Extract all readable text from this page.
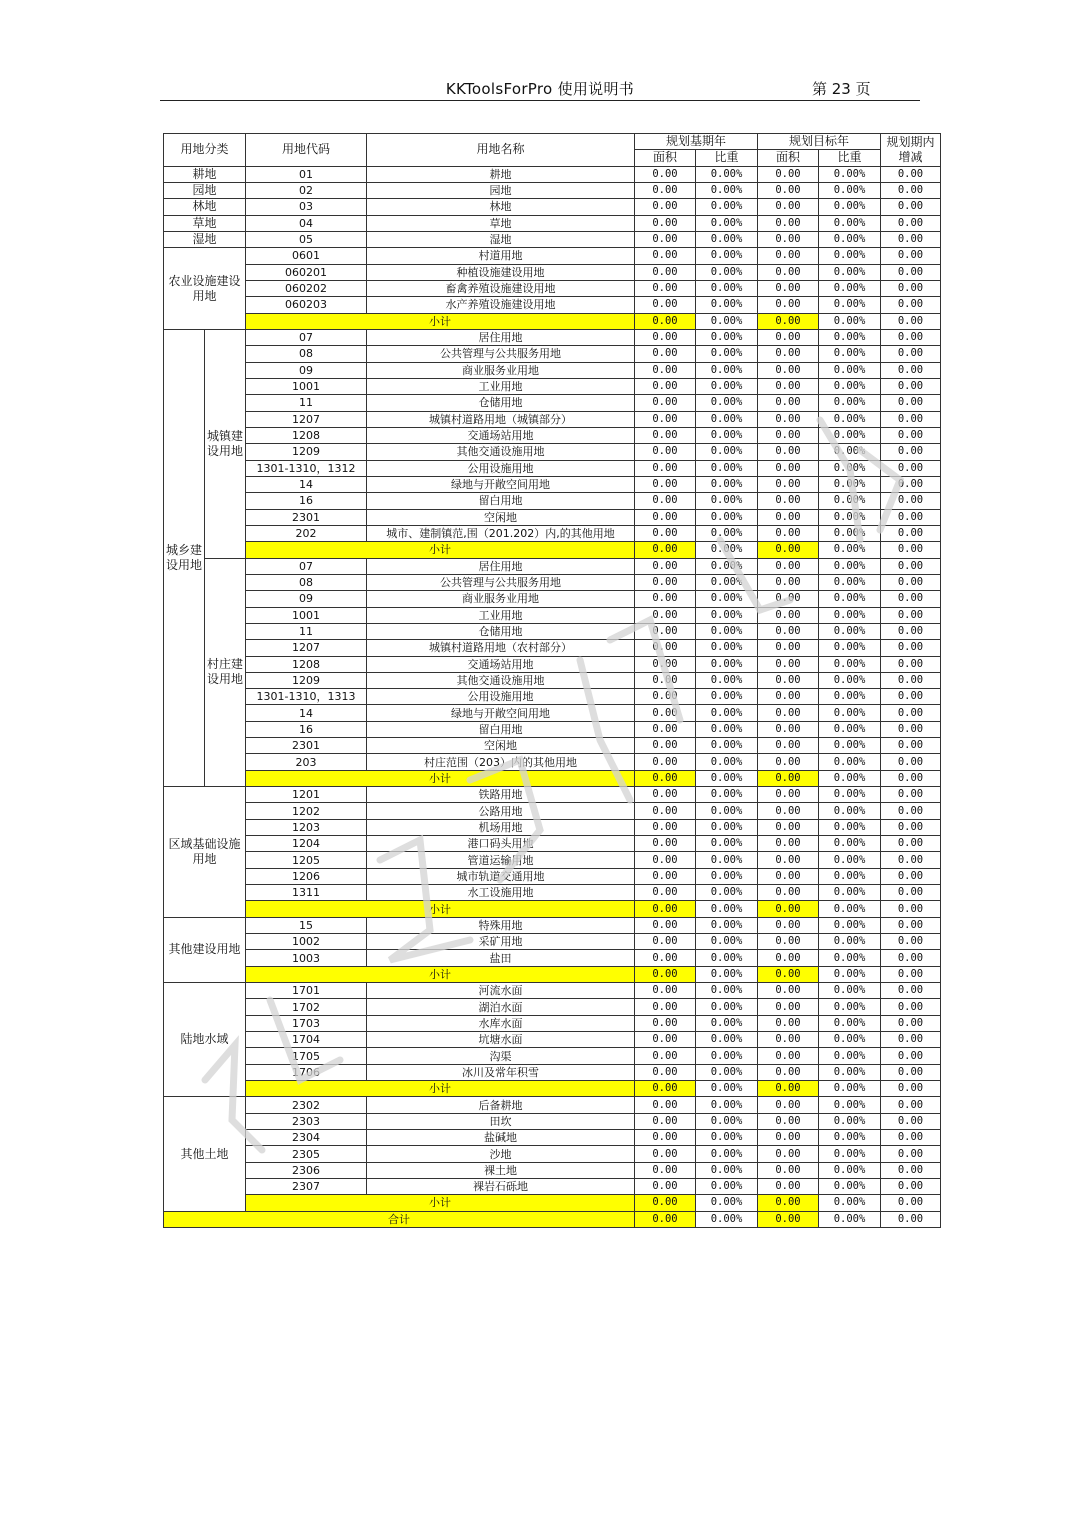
KKToolsForPro 使用说明书	第 23 页
用地分类		用地代码	用地名称	规划基期年		规划目标年		规划期内增减
				面积	比重	面积	比重	
耕地		01	耕地	0.00	0.00%	0.00	0.00%	0.00
园地		02	园地	0.00	0.00%	0.00	0.00%	0.00
林地		03	林地	0.00	0.00%	0.00	0.00%	0.00
草地		04	草地	0.00	0.00%	0.00	0.00%	0.00
湿地		05	湿地	0.00	0.00%	0.00	0.00%	0.00
农业设施建设用地		0601	村道用地	0.00	0.00%	0.00	0.00%	0.00
		060201	种植设施建设用地	0.00	0.00%	0.00	0.00%	0.00
		060202	畜禽养殖设施建设用地	0.00	0.00%	0.00	0.00%	0.00
		060203	水产养殖设施建设用地	0.00	0.00%	0.00	0.00%	0.00
		小计		0.00	0.00%	0.00	0.00%	0.00
城乡建设用地	城镇建设用地	07	居住用地	0.00	0.00%	0.00	0.00%	0.00
		08	公共管理与公共服务用地	0.00	0.00%	0.00	0.00%	0.00
		09	商业服务业用地	0.00	0.00%	0.00	0.00%	0.00
		1001	工业用地	0.00	0.00%	0.00	0.00%	0.00
		11	仓储用地	0.00	0.00%	0.00	0.00%	0.00
		1207	城镇村道路用地（城镇部分）	0.00	0.00%	0.00	0.00%	0.00
		1208	交通场站用地	0.00	0.00%	0.00	0.00%	0.00
		1209	其他交通设施用地	0.00	0.00%	0.00	0.00%	0.00
		1301-1310，1312	公用设施用地	0.00	0.00%	0.00	0.00%	0.00
		14	绿地与开敞空间用地	0.00	0.00%	0.00	0.00%	0.00
		16	留白用地	0.00	0.00%	0.00	0.00%	0.00
		2301	空闲地	0.00	0.00%	0.00	0.00%	0.00
		202	城市、建制镇范,围（201.202）内,的其他用地	0.00	0.00%	0.00	0.00%	0.00
		小计		0.00	0.00%	0.00	0.00%	0.00
	村庄建设用地	07	居住用地	0.00	0.00%	0.00	0.00%	0.00
		08	公共管理与公共服务用地	0.00	0.00%	0.00	0.00%	0.00
		09	商业服务业用地	0.00	0.00%	0.00	0.00%	0.00
		1001	工业用地	0.00	0.00%	0.00	0.00%	0.00
		11	仓储用地	0.00	0.00%	0.00	0.00%	0.00
		1207	城镇村道路用地（农村部分）	0.00	0.00%	0.00	0.00%	0.00
		1208	交通场站用地	0.00	0.00%	0.00	0.00%	0.00
		1209	其他交通设施用地	0.00	0.00%	0.00	0.00%	0.00
		1301-1310，1313	公用设施用地	0.00	0.00%	0.00	0.00%	0.00
		14	绿地与开敞空间用地	0.00	0.00%	0.00	0.00%	0.00
		16	留白用地	0.00	0.00%	0.00	0.00%	0.00
		2301	空闲地	0.00	0.00%	0.00	0.00%	0.00
		203	村庄范围（203）内的其他用地	0.00	0.00%	0.00	0.00%	0.00
		小计		0.00	0.00%	0.00	0.00%	0.00
区域基础设施用地		1201	铁路用地	0.00	0.00%	0.00	0.00%	0.00
		1202	公路用地	0.00	0.00%	0.00	0.00%	0.00
		1203	机场用地	0.00	0.00%	0.00	0.00%	0.00
		1204	港口码头用地	0.00	0.00%	0.00	0.00%	0.00
		1205	管道运输用地	0.00	0.00%	0.00	0.00%	0.00
		1206	城市轨道交通用地	0.00	0.00%	0.00	0.00%	0.00
		1311	水工设施用地	0.00	0.00%	0.00	0.00%	0.00
		小计		0.00	0.00%	0.00	0.00%	0.00
其他建设用地		15	特殊用地	0.00	0.00%	0.00	0.00%	0.00
		1002	采矿用地	0.00	0.00%	0.00	0.00%	0.00
		1003	盐田	0.00	0.00%	0.00	0.00%	0.00
		小计		0.00	0.00%	0.00	0.00%	0.00
陆地水域		1701	河流水面	0.00	0.00%	0.00	0.00%	0.00
		1702	湖泊水面	0.00	0.00%	0.00	0.00%	0.00
		1703	水库水面	0.00	0.00%	0.00	0.00%	0.00
		1704	坑塘水面	0.00	0.00%	0.00	0.00%	0.00
		1705	沟渠	0.00	0.00%	0.00	0.00%	0.00
		1706	冰川及常年积雪	0.00	0.00%	0.00	0.00%	0.00
		小计		0.00	0.00%	0.00	0.00%	0.00
其他土地		2302	后备耕地	0.00	0.00%	0.00	0.00%	0.00
		2303	田坎	0.00	0.00%	0.00	0.00%	0.00
		2304	盐碱地	0.00	0.00%	0.00	0.00%	0.00
		2305	沙地	0.00	0.00%	0.00	0.00%	0.00
		2306	裸土地	0.00	0.00%	0.00	0.00%	0.00
		2307	裸岩石砾地	0.00	0.00%	0.00	0.00%	0.00
		小计		0.00	0.00%	0.00	0.00%	0.00
合计				0.00	0.00%	0.00	0.00%	0.00
